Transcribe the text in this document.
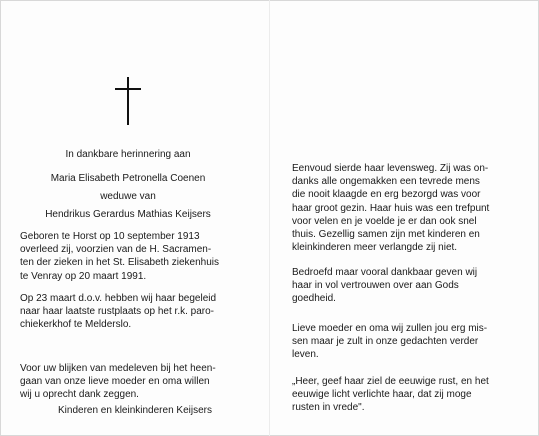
In dankbare herinnering aan
Maria Elisabeth Petronella Coenen
weduwe van
Hendrikus Gerardus Mathias Keijsers
Geboren te Horst op 10 september 1913
overleed zij, voorzien van de H. Sacramen-
ten der zieken in het St. Elisabeth ziekenhuis
te Venray op 20 maart 1991.
Op 23 maart d.o.v. hebben wij haar begeleid
naar haar laatste rustplaats op het r.k. paro-
chiekerkhof te Melderslo.
Voor uw blijken van medeleven bij het heen-
gaan van onze lieve moeder en oma willen
wij u oprecht dank zeggen.
Kinderen en kleinkinderen Keijsers
Eenvoud sierde haar levensweg. Zij was on-
danks alle ongemakken een tevrede mens
die nooit klaagde en erg bezorgd was voor
haar groot gezin. Haar huis was een trefpunt
voor velen en je voelde je er dan ook snel
thuis. Gezellig samen zijn met kinderen en
kleinkinderen meer verlangde zij niet.
Bedroefd maar vooral dankbaar geven wij
haar in vol vertrouwen over aan Gods
goedheid.
Lieve moeder en oma wij zullen jou erg mis-
sen maar je zult in onze gedachten verder
leven.
„Heer, geef haar ziel de eeuwige rust, en het
eeuwige licht verlichte haar, dat zij moge
rusten in vrede".
